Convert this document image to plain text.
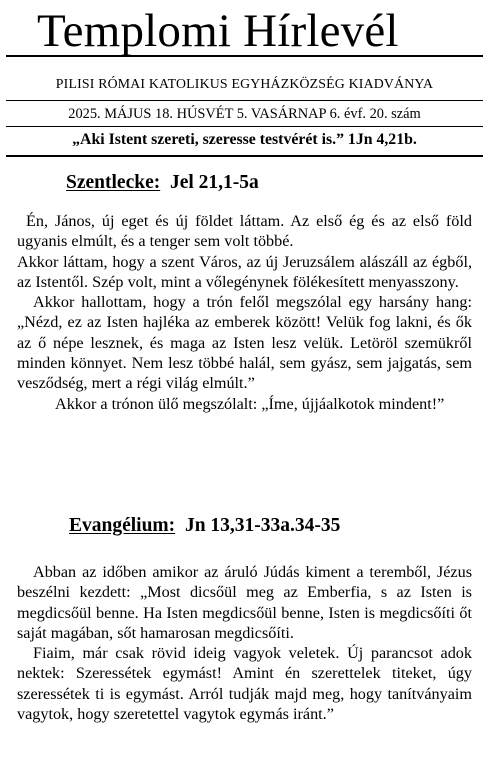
Templomi Hírlevél
PILISI RÓMAI KATOLIKUS EGYHÁZKÖZSÉG KIADVÁNYA
2025. MÁJUS 18. HÚSVÉT 5. VASÁRNAP 6. évf. 20. szám
„Aki Istent szereti, szeresse testvérét is.” 1Jn 4,21b.
Szentlecke: Jel 21,1-5a

Én, János, új eget és új földet láttam. Az első ég és az első föld ugyanis elmúlt, és a tenger sem volt többé.

Akkor láttam, hogy a szent Város, az új Jeruzsálem alászáll az égből, az Istentől. Szép volt, mint a vőlegénynek fölékesített menyasszony.

Akkor hallottam, hogy a trón felől megszólal egy harsány hang: „Nézd, ez az Isten hajléka az emberek között! Velük fog lakni, és ők az ő népe lesznek, és maga az Isten lesz velük. Letöröl szemükről minden könnyet. Nem lesz többé halál, sem gyász, sem jajgatás, sem vesződség, mert a régi világ elmúlt.”

Akkor a trónon ülő megszólalt: „Íme, újjáalkotok mindent!”

Evangélium: Jn 13,31-33a.34-35

Abban az időben amikor az áruló Júdás kiment a teremből, Jézus beszélni kezdett: „Most dicsőül meg az Emberfia, s az Isten is megdicsőül benne. Ha Isten megdicsőül benne, Isten is megdicsőíti őt saját magában, sőt hamarosan megdicsőíti.

Fiaim, már csak rövid ideig vagyok veletek. Új parancsot adok nektek: Szeressétek egymást! Amint én szerettelek titeket, úgy szeressétek ti is egymást. Arról tudják majd meg, hogy tanítványaim vagytok, hogy szeretettel vagytok egymás iránt.”
